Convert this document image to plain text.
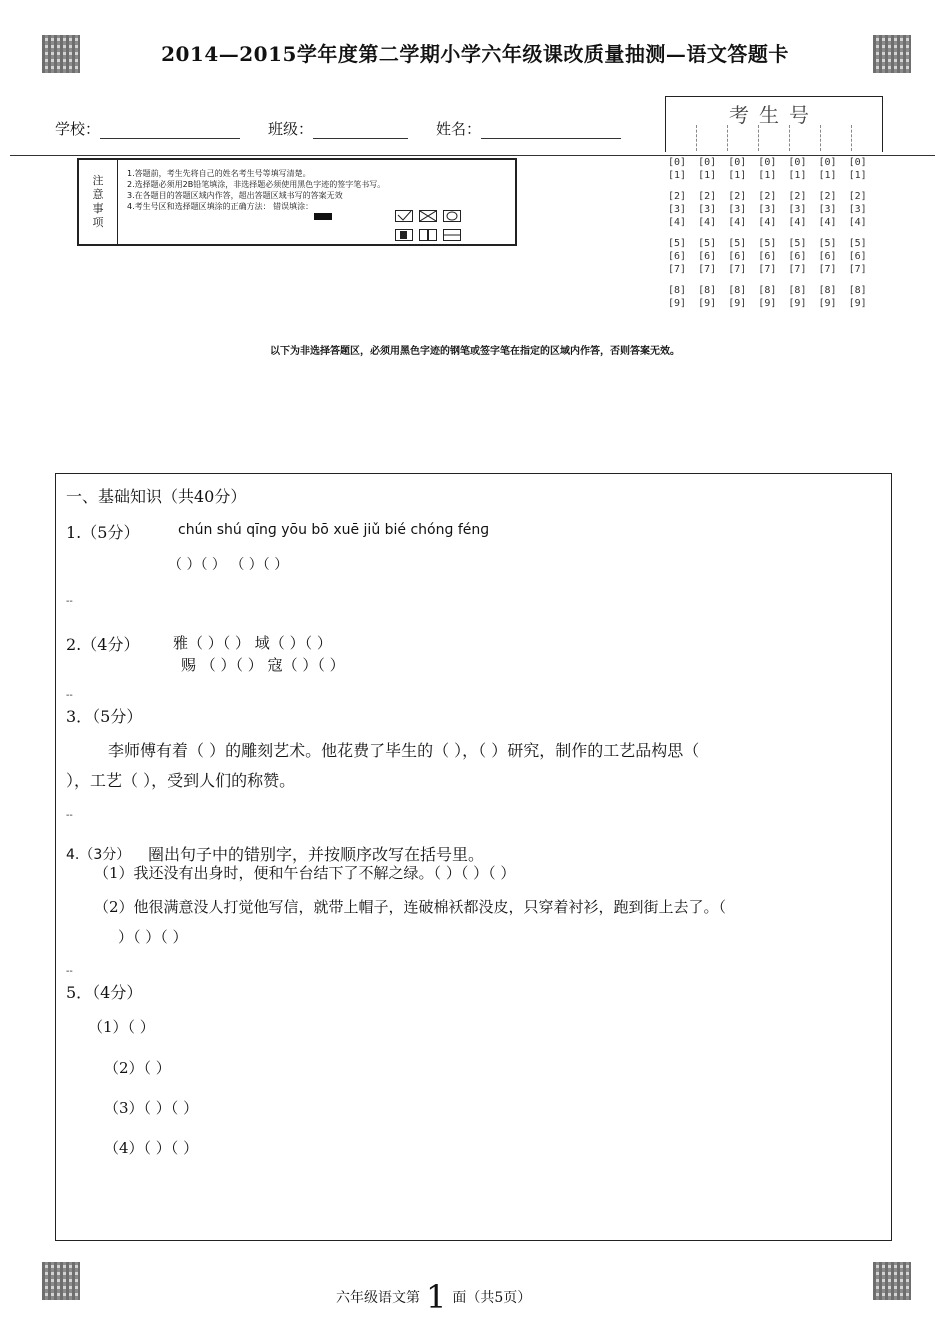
2014—2015学年度第二学期小学六年级课改质量抽测—语文答题卡
学校：	班级：	姓名：
注意事项
1.答题前，考生先将自己的姓名考生号等填写清楚。
2.选择题必须用2B铅笔填涂，非选择题必须使用黑色字迹的签字笔书写。
3.在各题目的答题区域内作答，超出答题区域书写的答案无效
4.考生号区和选择题区填涂的正确方法： 错误填涂：
考生号
[0]  [0]  [0]  [0]  [0]  [0]  [0]
[1]  [1]  [1]  [1]  [1]  [1]  [1]
[2]  [2]  [2]  [2]  [2]  [2]  [2]
[3]  [3]  [3]  [3]  [3]  [3]  [3]
[4]  [4]  [4]  [4]  [4]  [4]  [4]
[5]  [5]  [5]  [5]  [5]  [5]  [5]
[6]  [6]  [6]  [6]  [6]  [6]  [6]
[7]  [7]  [7]  [7]  [7]  [7]  [7]
[8]  [8]  [8]  [8]  [8]  [8]  [8]
[9]  [9]  [9]  [9]  [9]  [9]  [9]
以下为非选择答题区，必须用黑色字迹的钢笔或签字笔在指定的区域内作答，否则答案无效。
一、基础知识（共40分）
1.（5分）	chún shú qīnɡ yōu bō xuē jiǔ bié chónɡ fénɡ
（ ）（ ） （ ）（ ）
--
2.（4分） 雅（ ）（ ） 域（ ）（ ）
赐 （ ）（ ） 寇（ ）（ ）
--
3．（5分）
李师傅有着（ ）的雕刻艺术。他花费了毕生的（ ），（ ）研究，制作的工艺品构思（
），工艺（ ），受到人们的称赞。
--
4.（3分） 圈出句子中的错别字，并按顺序改写在括号里。
（1）我还没有出身时，便和午台结下了不解之绿。（ ）（ ）（ ）
（2）他很满意没人打觉他写信，就带上帽子，连破棉袄都没皮，只穿着衬衫，跑到街上去了。（
）（ ）（ ）
--
5．（4分）
（1）（ ）
（2）（ ）
（3）（ ）（ ）
（4）（ ）（ ）
六年级语文第 1 面（共5页）
